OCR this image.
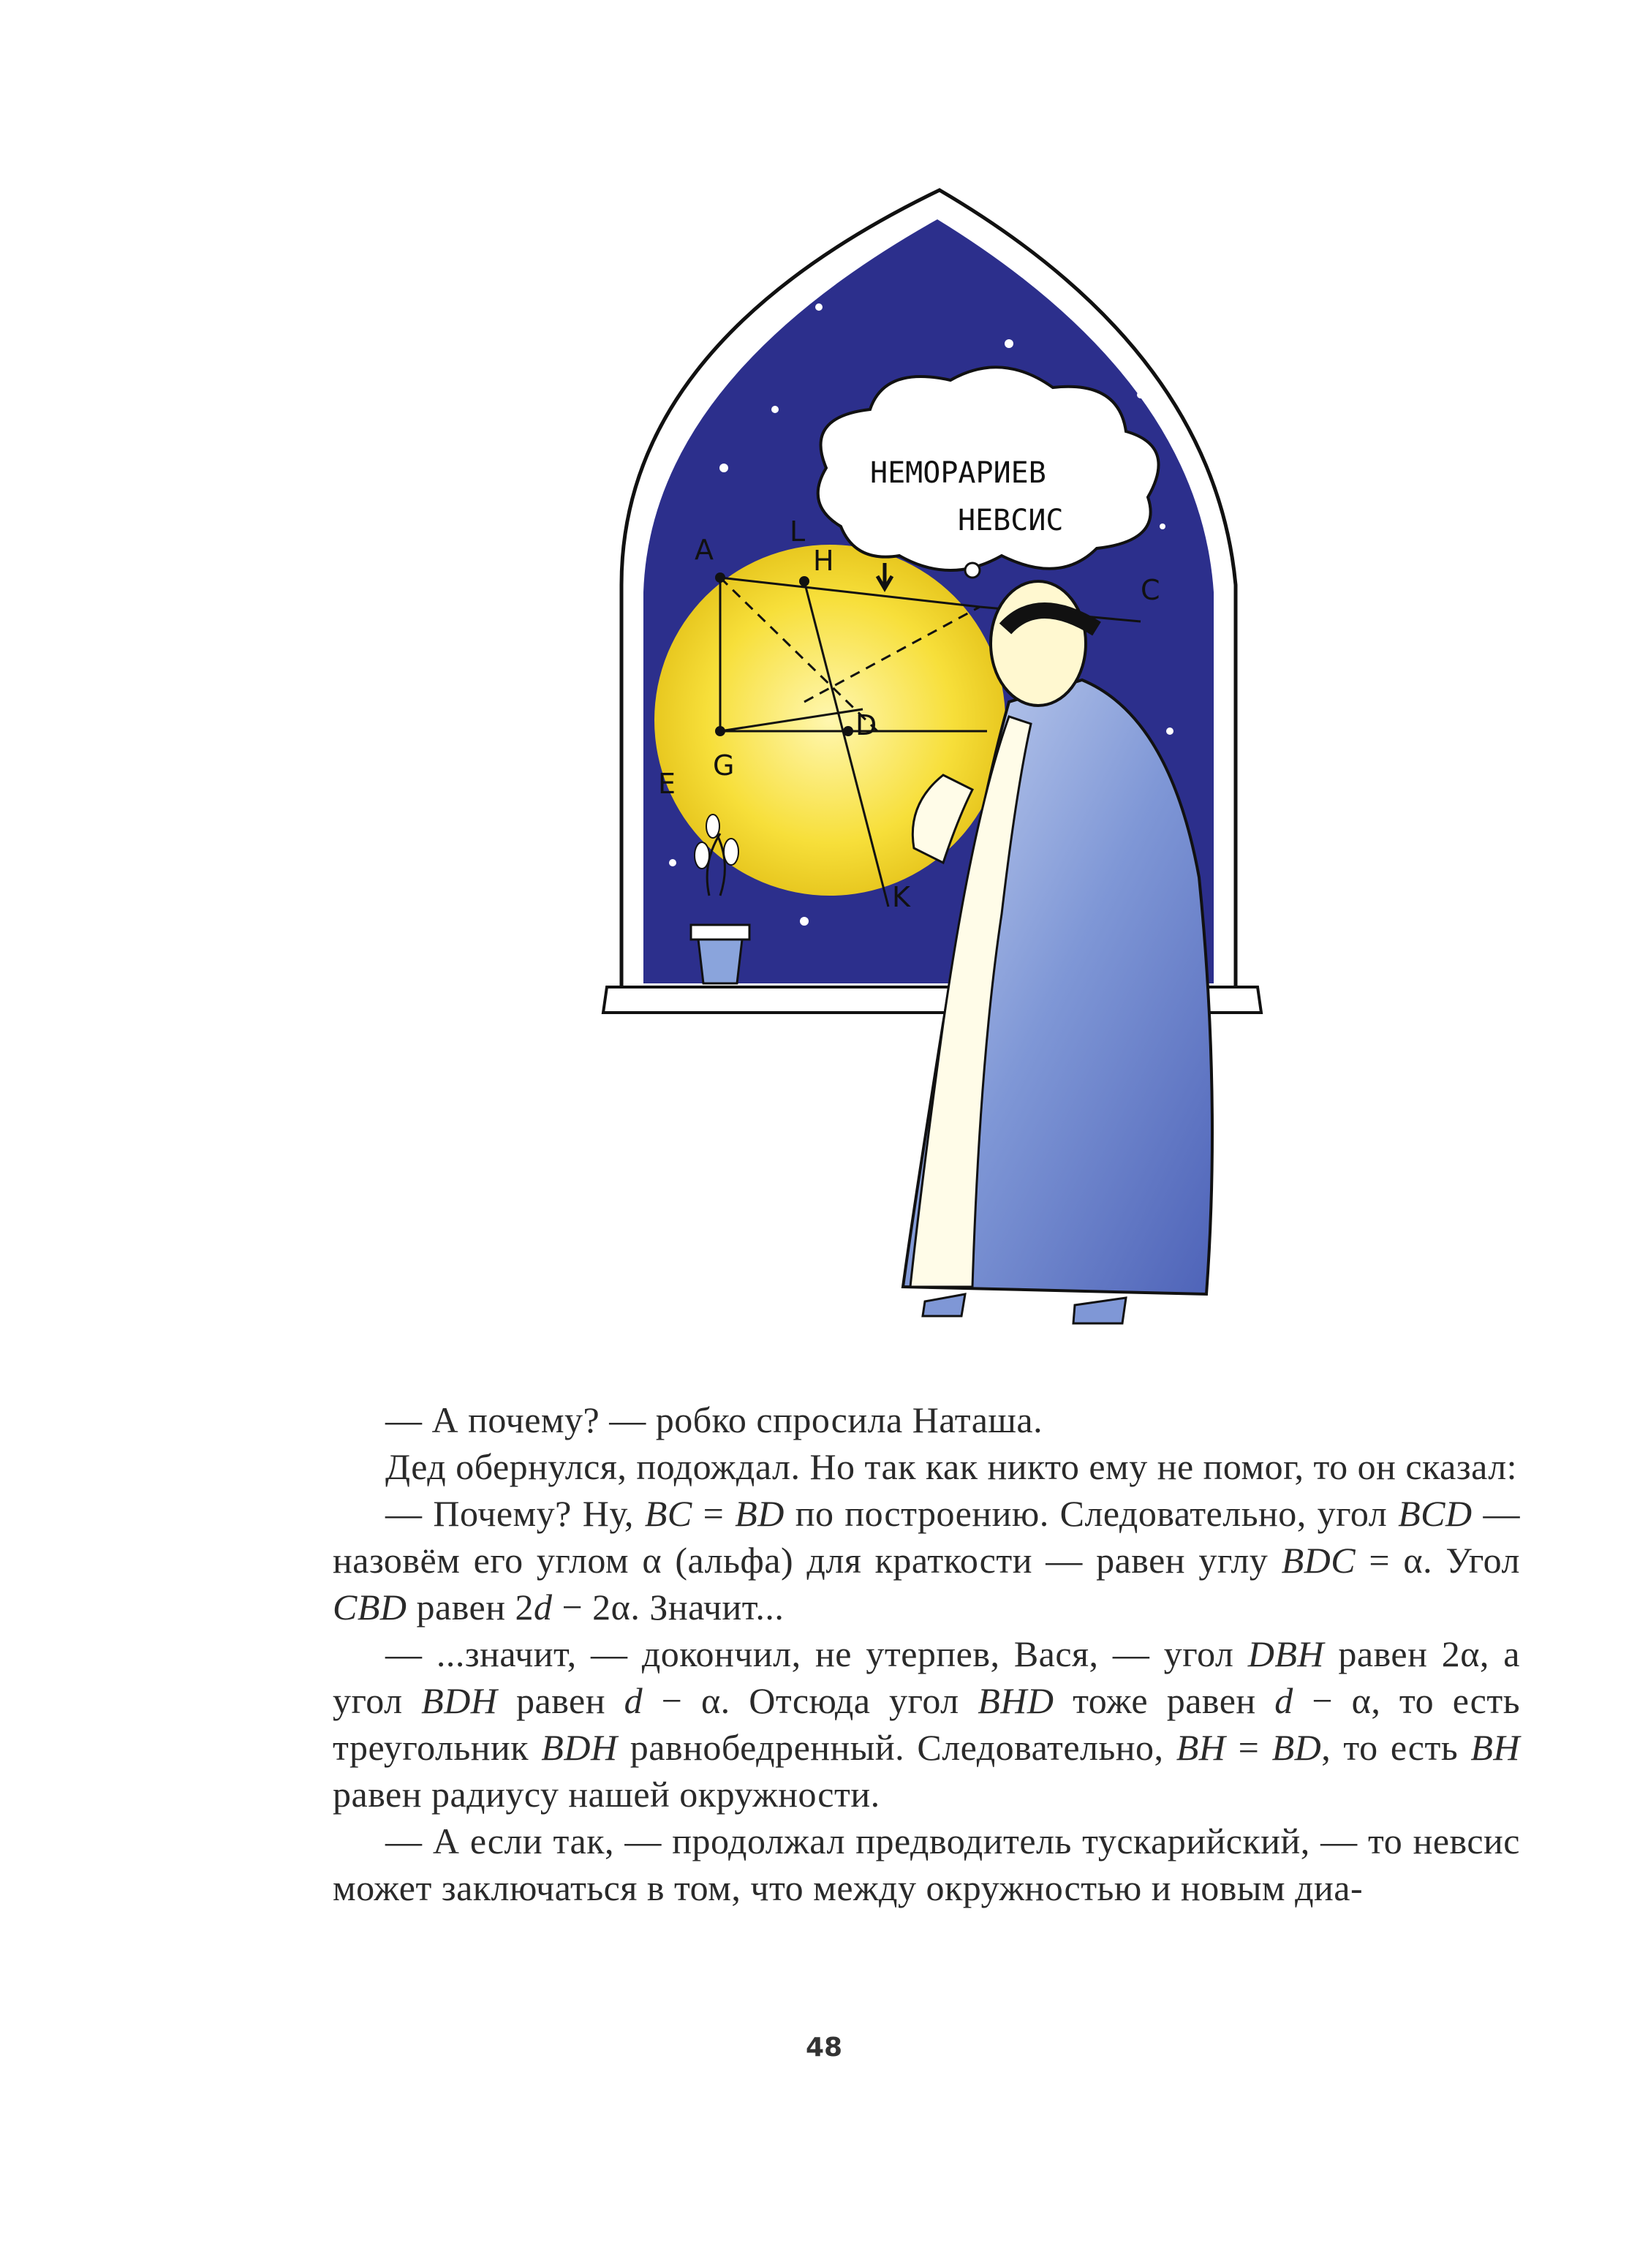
A
L
H
C
E
G
D
K
НЕМОРАРИЕВ
НЕВСИС

— А почему? — робко спросила Наташа.

Дед обернулся, подождал. Но так как никто ему не помог, то он сказал:

— Почему? Ну, BC = BD по построению. Следовательно, угол BCD — назовём его углом α (альфа) для краткости — равен углу BDC = α. Угол CBD равен 2d − 2α. Значит...

— ...значит, — докончил, не утерпев, Вася, — угол DBH равен 2α, а угол BDH равен d − α. Отсюда угол BHD тоже равен d − α, то есть треугольник BDH равнобедренный. Следовательно, BH = BD, то есть BH равен радиусу нашей окружности.

— А если так, — продолжал предводитель тускарийский, — то невсис может заключаться в том, что между окружностью и новым диа-

48
